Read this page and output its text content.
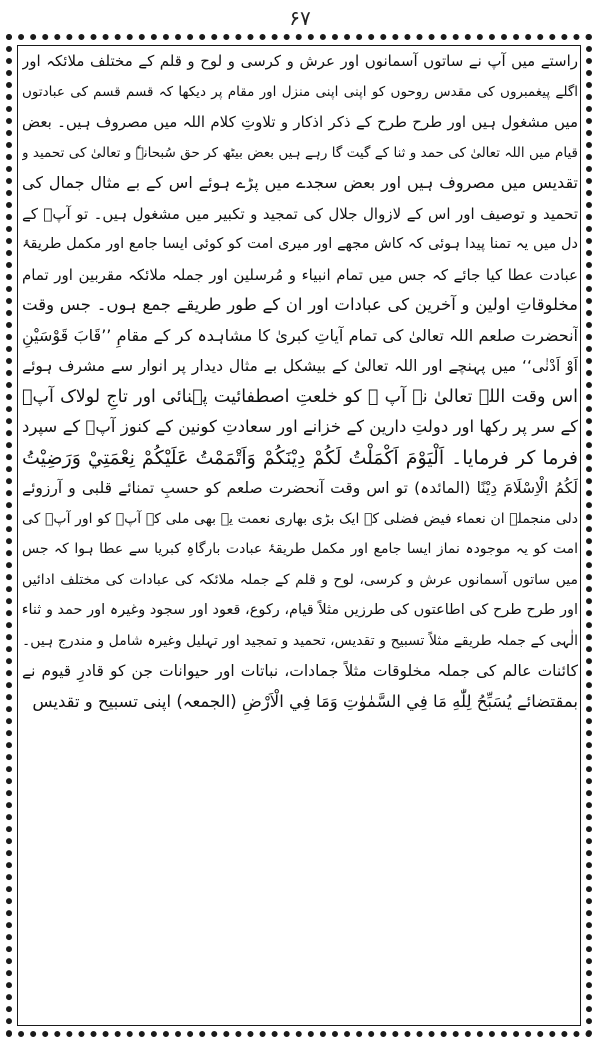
۶۷
راستے میں آپ نے ساتوں آسمانوں اور عرش و کرسی و لوح و قلم کے مختلف ملائکہ اور
اگلے پیغمبروں کی مقدس روحوں کو اپنی اپنی منزل اور مقام پر دیکھا کہ قسم قسم کی عبادتوں
میں مشغول ہیں اور طرح طرح کے ذکر اذکار و تلاوتِ کلام اللہ میں مصروف ہیں۔ بعض
قیام میں اللہ تعالیٰ کی حمد و ثنا کے گیت گا رہے ہیں بعض بیٹھ کر حق سُبحانہٗ و تعالیٰ کی تحمید و
تقدیس میں مصروف ہیں اور بعض سجدے میں پڑے ہوئے اس کے بے مثال جمال کی
تحمید و توصیف اور اس کے لازوال جلال کی تمجید و تکبیر میں مشغول ہیں۔ تو آپؐ کے
دل میں یہ تمنا پیدا ہوئی کہ کاش مجھے اور میری امت کو کوئی ایسا جامع اور مکمل طریقۂ
عبادت عطا کیا جائے کہ جس میں تمام انبیاء و مُرسلین اور جملہ ملائکہ مقربین اور تمام
مخلوقاتِ اولین و آخرین کی عبادات اور ان کے طور طریقے جمع ہوں۔ جس وقت
آنحضرت صلعم اللہ تعالیٰ کی تمام آیاتِ کبریٰ کا مشاہدہ کر کے مقامِ ’’قَابَ قَوْسَيْنِ
اَوْ اَدْنٰی‘‘ میں پہنچے اور اللہ تعالیٰ کے بیشکل بے مثال دیدار پر انوار سے مشرف ہوئے
اس وقت اللہ تعالیٰ نے آپ ﷺ کو خلعتِ اصطفائیت پہنائی اور تاجِ لولاک آپؐ
کے سر پر رکھا اور دولتِ دارین کے خزانے اور سعادتِ کونین کے کنوز آپؐ کے سپرد
فرما کر فرمایا۔ اَلْيَوْمَ اَكْمَلْتُ لَكُمْ دِيْنَكُمْ وَاَتْمَمْتُ عَلَيْكُمْ نِعْمَتِيْ وَرَضِيْتُ
لَكُمُ الْاِسْلَامَ دِيْنًا (المائدہ) تو اس وقت آنحضرت صلعم کو حسبِ تمنائے قلبی و آرزوئے
دلی منجملہ ان نعماء فیض فضلی کے ایک بڑی بھاری نعمت یہ بھی ملی کہ آپؐ کو اور آپؐ کی
امت کو یہ موجودہ نماز ایسا جامع اور مکمل طریقۂ عبادت بارگاہِ کبریا سے عطا ہوا کہ جس
میں ساتوں آسمانوں عرش و کرسی، لوح و قلم کے جملہ ملائکہ کی عبادات کی مختلف ادائیں
اور طرح طرح کی اطاعتوں کی طرزیں مثلاً قیام، رکوع، قعود اور سجود وغیرہ اور حمد و ثناء
الٰہی کے جملہ طریقے مثلاً تسبیح و تقدیس، تحمید و تمجید اور تہلیل وغیرہ شامل و مندرج ہیں۔
کائنات عالم کی جملہ مخلوقات مثلاً جمادات، نباتات اور حیوانات جن کو قادرِ قیوم نے
بمقتضائے يُسَبِّحُ لِلّٰهِ مَا فِي السَّمٰوٰتِ وَمَا فِي الْاَرْضِ (الجمعہ) اپنی تسبیح و تقدیس
